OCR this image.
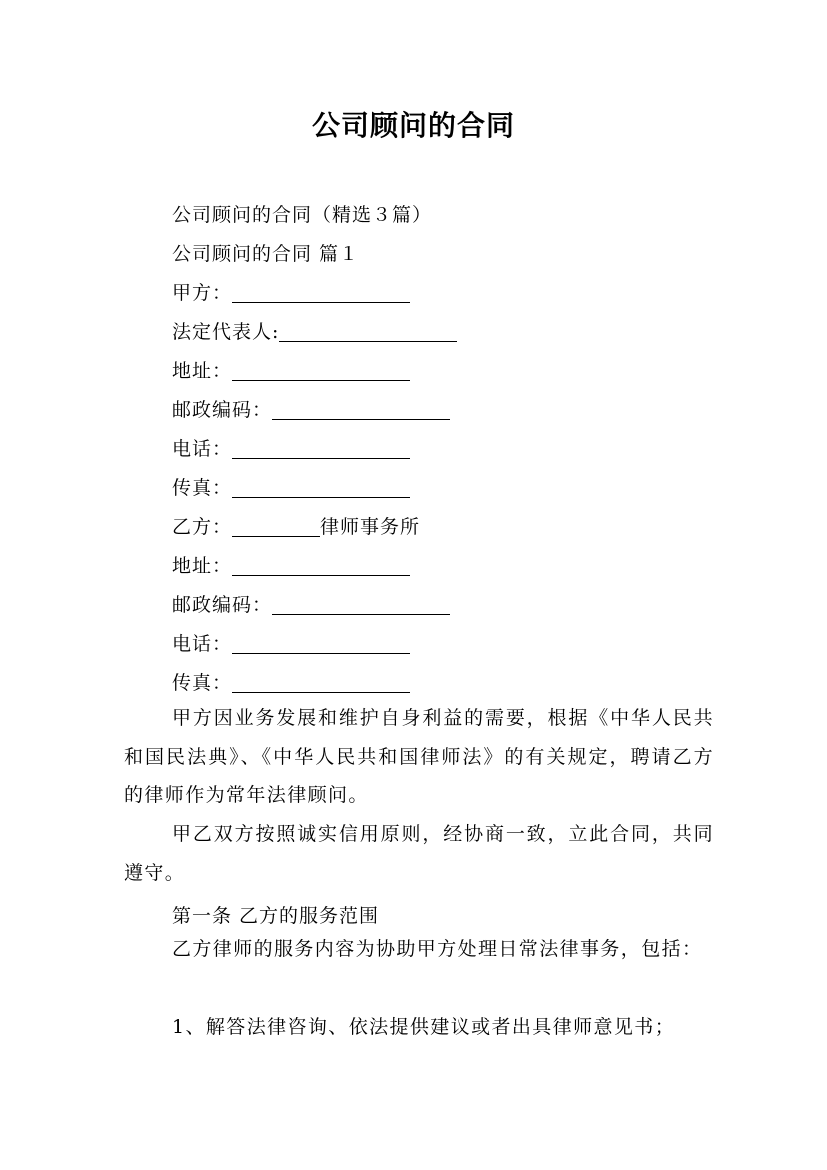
公司顾问的合同
公司顾问的合同（精选３篇）
公司顾问的合同 篇１
甲方：
法定代表人:
地址：
邮政编码：
电话：
传真：
乙方：	律师事务所
地址：
邮政编码：
电话：
传真：
甲方因业务发展和维护自身利益的需要，根据《中华人民共和国民法典》、《中华人民共和国律师法》的有关规定，聘请乙方的律师作为常年法律顾问。
甲乙双方按照诚实信用原则，经协商一致，立此合同，共同遵守。
第一条 乙方的服务范围
乙方律师的服务内容为协助甲方处理日常法律事务，包括：
1、解答法律咨询、依法提供建议或者出具律师意见书；
